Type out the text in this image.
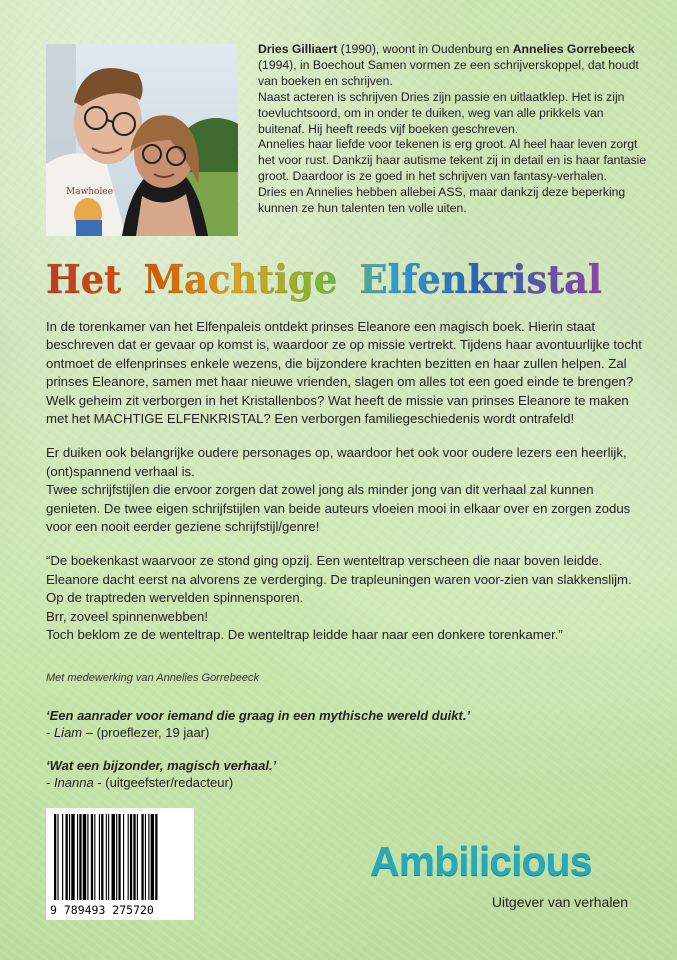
Mawholee

Dries Gilliaert (1990), woont in Oudenburg en Annelies Gorrebeeck (1994), in Boechout Samen vormen ze een schrijverskoppel, dat houdt van boeken en schrijven.

Naast acteren is schrijven Dries zijn passie en uitlaatklep. Het is zijn toevluchtsoord, om in onder te duiken, weg van alle prikkels van buitenaf. Hij heeft reeds vijf boeken geschreven.

Annelies haar liefde voor tekenen is erg groot. Al heel haar leven zorgt het voor rust. Dankzij haar autisme tekent zij in detail en is haar fantasie groot. Daardoor is ze goed in het schrijven van fantasy-verhalen.

Dries en Annelies hebben allebei ASS, maar dankzij deze beperking kunnen ze hun talenten ten volle uiten.

Het Machtige Elfenkristal

In de torenkamer van het Elfenpaleis ontdekt prinses Eleanore een magisch boek. Hierin staat beschreven dat er gevaar op komst is, waardoor ze op missie vertrekt. Tijdens haar avontuurlijke tocht ontmoet de elfenprinses enkele wezens, die bijzondere krachten bezitten en haar zullen helpen. Zal prinses Eleanore, samen met haar nieuwe vrienden, slagen om alles tot een goed einde te brengen? Welk geheim zit verborgen in het Kristallenbos? Wat heeft de missie van prinses Eleanore te maken met het MACHTIGE ELFENKRISTAL? Een verborgen familiegeschiedenis wordt ontrafeld!

Er duiken ook belangrijke oudere personages op, waardoor het ook voor oudere lezers een heerlijk, (ont)spannend verhaal is.
Twee schrijfstijlen die ervoor zorgen dat zowel jong als minder jong van dit verhaal zal kunnen genieten. De twee eigen schrijfstijlen van beide auteurs vloeien mooi in elkaar over en zorgen zodus voor een nooit eerder geziene schrijfstijl/genre!

“De boekenkast waarvoor ze stond ging opzij. Een wenteltrap verscheen die naar boven leidde. Eleanore dacht eerst na alvorens ze verderging. De trapleuningen waren voor-zien van slakkenslijm. Op de traptreden wervelden spinnensporen.
Brr, zoveel spinnenwebben!
Toch beklom ze de wenteltrap. De wenteltrap leidde haar naar een donkere torenkamer.”

Met medewerking van Annelies Gorrebeeck
‘Een aanrader voor iemand die graag in een mythische wereld duikt.’
- Liam – (proeflezer, 19 jaar)
‘Wat een bijzonder, magisch verhaal.’
- Inanna - (uitgeefster/redacteur)
9 789493 275720
Ambilicious
Uitgever van verhalen
